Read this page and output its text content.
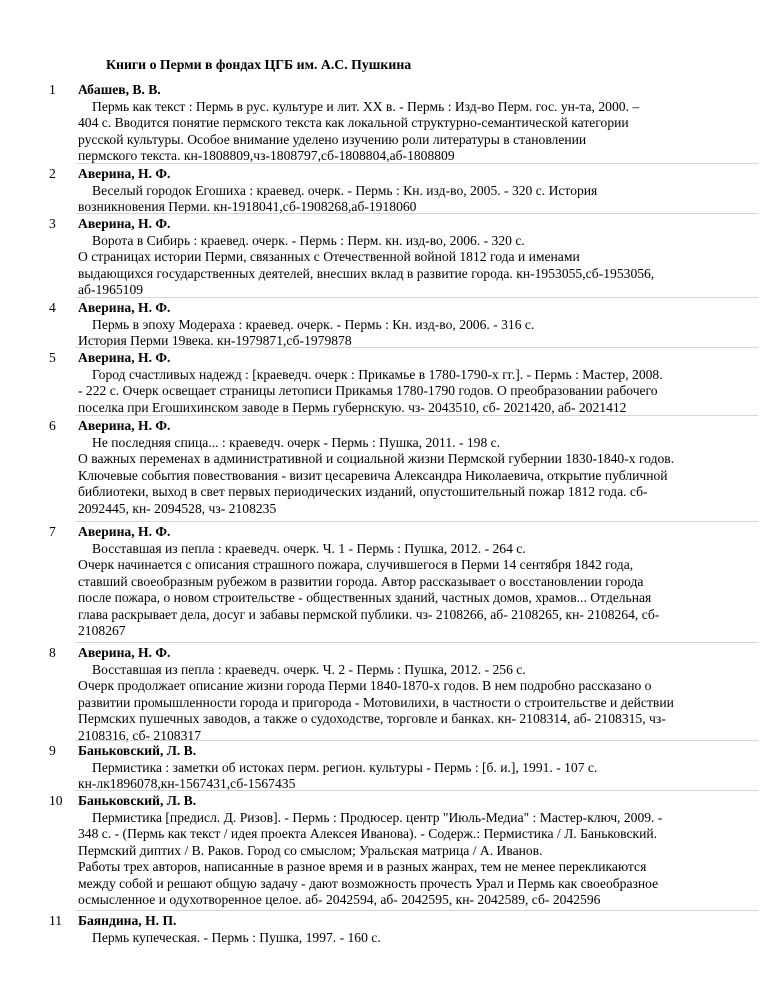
Книги о Перми в фондах ЦГБ им. А.С. Пушкина
1	Абашев, В. В.
Пермь как текст : Пермь в рус. культуре и лит. XX в. - Пермь : Изд-во Перм. гос. ун-та, 2000. –
404 с. Вводится понятие пермского текста как локальной структурно-семантической категории
русской культуры. Особое внимание уделено изучению роли литературы в становлении
пермского текста. кн-1808809,чз-1808797,сб-1808804,аб-1808809
2	Аверина, Н. Ф.
Веселый городок Егошиха : краевед. очерк. - Пермь : Кн. изд-во, 2005. - 320 с. История
возникновения Перми. кн-1918041,сб-1908268,аб-1918060
3	Аверина, Н. Ф.
Ворота в Сибирь : краевед. очерк. - Пермь : Перм. кн. изд-во, 2006. - 320 с.
О страницах истории Перми, связанных с Отечественной войной 1812 года и именами
выдающихся государственных деятелей, внесших вклад в развитие города. кн-1953055,сб-1953056,
аб-1965109
4	Аверина, Н. Ф.
Пермь в эпоху Модераха : краевед. очерк. - Пермь : Кн. изд-во, 2006. - 316 с.
История Перми 19века. кн-1979871,сб-1979878
5	Аверина, Н. Ф.
Город счастливых надежд : [краеведч. очерк : Прикамье в 1780-1790-х гг.]. - Пермь : Мастер, 2008.
- 222 с. Очерк освещает страницы летописи Прикамья 1780-1790 годов. О преобразовании рабочего
поселка при Егошихинском заводе в Пермь губернскую. чз- 2043510, сб- 2021420, аб- 2021412
6	Аверина, Н. Ф.
Не последняя спица... : краеведч. очерк - Пермь : Пушка, 2011. - 198 с.
О важных переменах в административной и социальной жизни Пермской губернии 1830-1840-х годов.
Ключевые события повествования - визит цесаревича Александра Николаевича, открытие публичной
библиотеки, выход в свет первых периодических изданий, опустошительный пожар 1812 года. сб-
2092445, кн- 2094528, чз- 2108235
7	Аверина, Н. Ф.
Восставшая из пепла : краеведч. очерк. Ч. 1 - Пермь : Пушка, 2012. - 264 с.
Очерк начинается с описания страшного пожара, случившегося в Перми 14 сентября 1842 года,
ставший своеобразным рубежом в развитии города. Автор рассказывает о восстановлении города
после пожара, о новом строительстве - общественных зданий, частных домов, храмов... Отдельная
глава раскрывает дела, досуг и забавы пермской публики. чз- 2108266, аб- 2108265, кн- 2108264, сб-
2108267
8	Аверина, Н. Ф.
Восставшая из пепла : краеведч. очерк. Ч. 2 - Пермь : Пушка, 2012. - 256 с.
Очерк продолжает описание жизни города Перми 1840-1870-х годов. В нем подробно рассказано о
развитии промышленности города и пригорода - Мотовилихи, в частности о строительстве и действии
Пермских пушечных заводов, а также о судоходстве, торговле и банках. кн- 2108314, аб- 2108315, чз-
2108316, сб- 2108317
9	Баньковский, Л. В.
Пермистика : заметки об истоках перм. регион. культуры - Пермь : [б. и.], 1991. - 107 с.
кн-лк1896078,кн-1567431,сб-1567435
10	Баньковский, Л. В.
Пермистика [предисл. Д. Ризов]. - Пермь : Продюсер. центр "Июль-Медиа" : Мастер-ключ, 2009. -
348 с. - (Пермь как текст / идея проекта Алексея Иванова). - Содерж.: Пермистика / Л. Баньковский.
Пермский диптих / В. Раков. Город со смыслом; Уральская матрица / А. Иванов.
Работы трех авторов, написанные в разное время и в разных жанрах, тем не менее перекликаются
между собой и решают общую задачу - дают возможность прочесть Урал и Пермь как своеобразное
осмысленное и одухотворенное целое. аб- 2042594, аб- 2042595, кн- 2042589, сб- 2042596
11	Баяндина, Н. П.
Пермь купеческая. - Пермь : Пушка, 1997. - 160 с.
